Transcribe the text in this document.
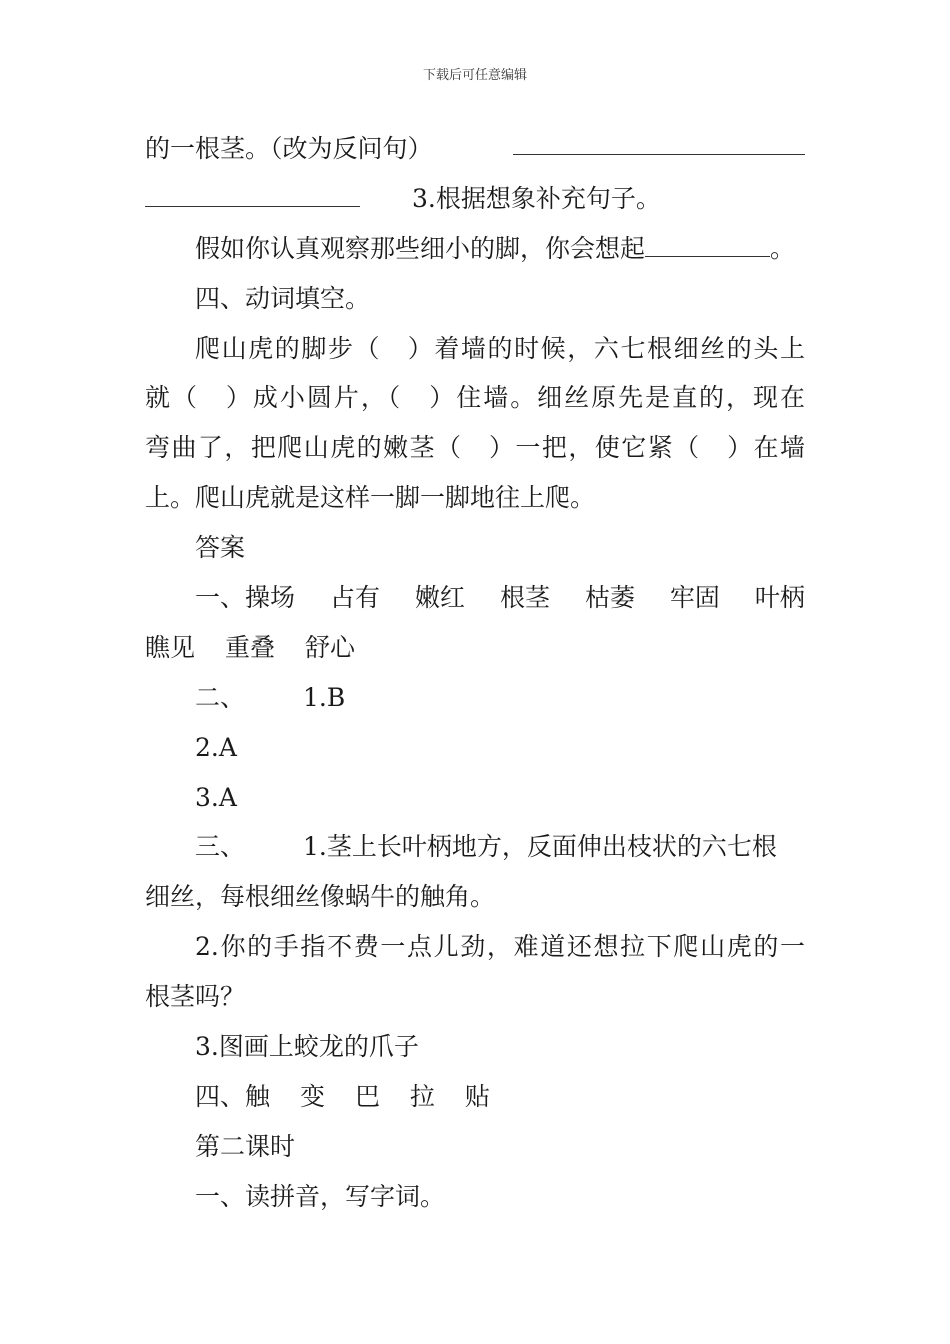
下载后可任意编辑
的一根茎。（改为反问句）
3.根据想象补充句子。
假如你认真观察那些细小的脚，你会想起	。
四、动词填空。
爬山虎的脚步（　）着墙的时候，六七根细丝的头上
就（　）成小圆片，（　）住墙。细丝原先是直的，现在
弯曲了，把爬山虎的嫩茎（　）一把，使它紧（　）在墙
上。爬山虎就是这样一脚一脚地往上爬。
答案
一、操场 占有 嫩红 根茎 枯萎 牢固 叶柄
瞧见 重叠 舒心
二、 1.B
2.A
3.A
三、 1.茎上长叶柄地方，反面伸出枝状的六七根
细丝，每根细丝像蜗牛的触角。
2.你的手指不费一点儿劲，难道还想拉下爬山虎的一
根茎吗？
3.图画上蛟龙的爪子
四、触 变 巴 拉 贴
第二课时
一、读拼音，写字词。
